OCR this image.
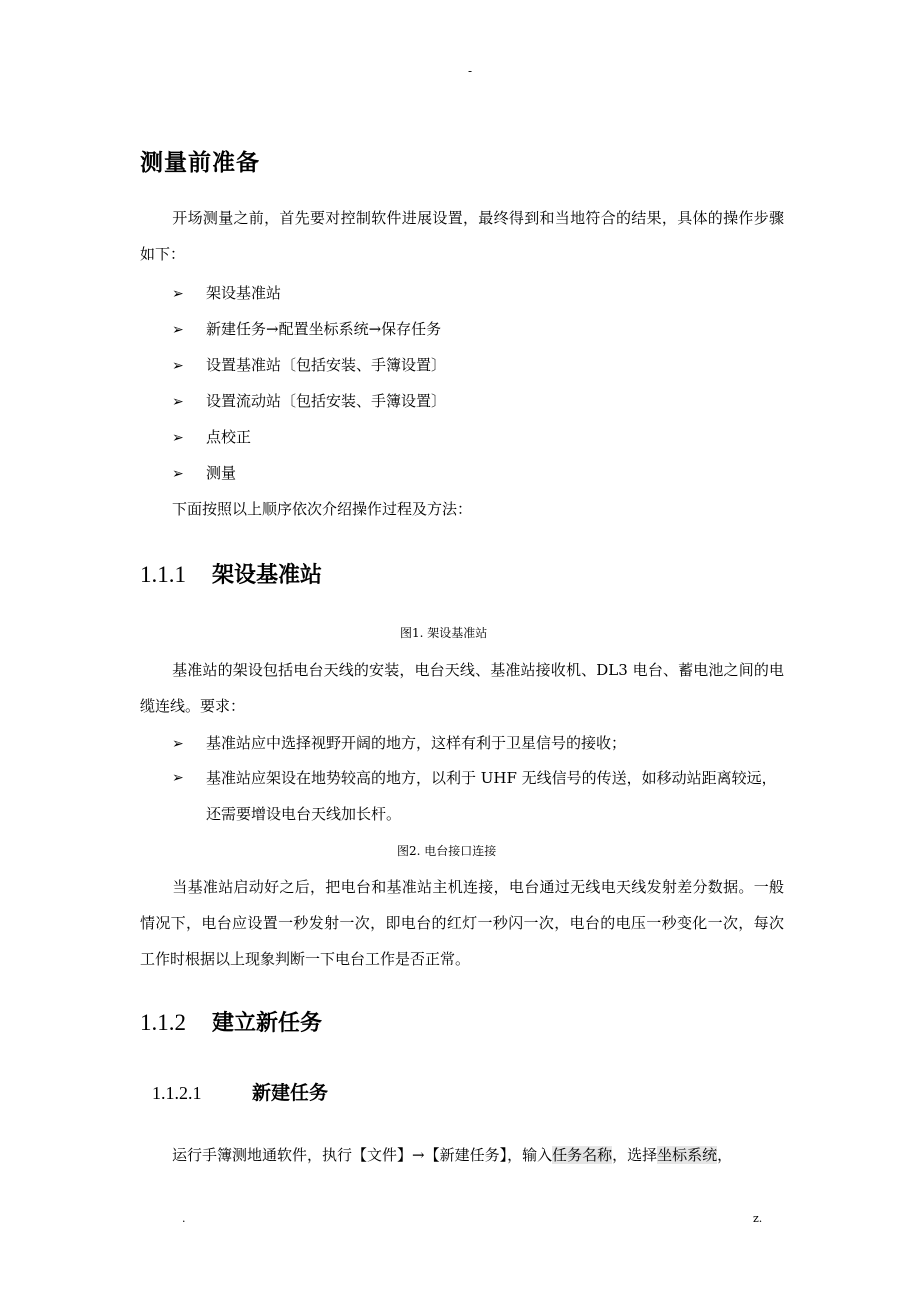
-
测量前准备
开场测量之前，首先要对控制软件进展设置，最终得到和当地符合的结果，具体的操作步骤如下：
➢ 架设基准站
➢ 新建任务→配置坐标系统→保存任务
➢ 设置基准站〔包括安装、手簿设置〕
➢ 设置流动站〔包括安装、手簿设置〕
➢ 点校正
➢ 测量
下面按照以上顺序依次介绍操作过程及方法：
1.1.1 架设基准站
图1. 架设基准站
基准站的架设包括电台天线的安装，电台天线、基准站接收机、DL3 电台、蓄电池之间的电缆连线。要求：
➢ 基准站应中选择视野开阔的地方，这样有利于卫星信号的接收；
➢	基准站应架设在地势较高的地方，以利于 UHF 无线信号的传送，如移动站距离较远，还需要增设电台天线加长杆。
图2. 电台接口连接
当基准站启动好之后，把电台和基准站主机连接，电台通过无线电天线发射差分数据。一般情况下，电台应设置一秒发射一次，即电台的红灯一秒闪一次，电台的电压一秒变化一次，每次工作时根据以上现象判断一下电台工作是否正常。
1.1.2 建立新任务
1.1.2.1	新建任务
运行手簿测地通软件，执行【文件】→【新建任务】，输入任务名称，选择坐标系统，
.	z.
